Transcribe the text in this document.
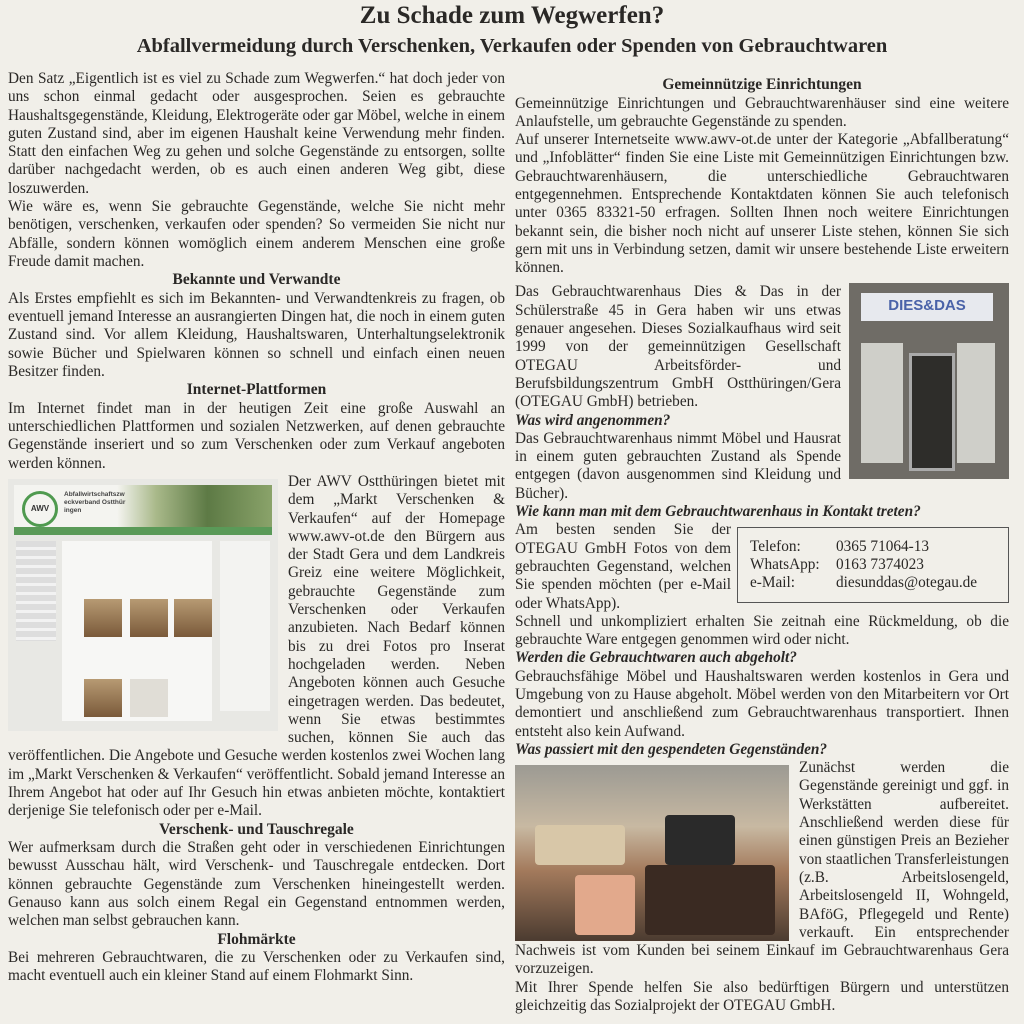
Zu Schade zum Wegwerfen?
Abfallvermeidung durch Verschenken, Verkaufen oder Spenden von Gebrauchtwaren

Den Satz „Eigentlich ist es viel zu Schade zum Wegwerfen.“ hat doch jeder von uns schon einmal gedacht oder ausgesprochen. Seien es gebrauchte Haushaltsgegenstände, Kleidung, Elektrogeräte oder gar Möbel, welche in einem guten Zustand sind, aber im eigenen Haushalt keine Verwendung mehr finden. Statt den einfachen Weg zu gehen und solche Gegenstände zu entsorgen, sollte darüber nachgedacht werden, ob es auch einen anderen Weg gibt, diese loszuwerden.

Wie wäre es, wenn Sie gebrauchte Gegenstände, welche Sie nicht mehr benötigen, verschenken, verkaufen oder spenden? So vermeiden Sie nicht nur Abfälle, sondern können womöglich einem anderem Menschen eine große Freude damit machen.

Bekannte und Verwandte

Als Erstes empfiehlt es sich im Bekannten- und Verwandtenkreis zu fragen, ob eventuell jemand Interesse an ausrangierten Dingen hat, die noch in einem guten Zustand sind. Vor allem Kleidung, Haushaltswaren, Unterhaltungselektronik sowie Bücher und Spielwaren können so schnell und einfach einen neuen Besitzer finden.

Internet-Plattformen

Im Internet findet man in der heutigen Zeit eine große Auswahl an unterschiedlichen Plattformen und sozialen Netzwerken, auf denen gebrauchte Gegenstände inseriert und so zum Verschenken oder zum Verkauf angeboten werden können.

AWV
Abfallwirtschaftszweckverband Ostthüringen

Der AWV Ostthüringen bietet mit dem „Markt Verschenken & Verkaufen“ auf der Homepage www.awv-ot.de den Bürgern aus der Stadt Gera und dem Landkreis Greiz eine weitere Möglichkeit, gebrauchte Gegenstände zum Verschenken oder Verkaufen anzubieten. Nach Bedarf können bis zu drei Fotos pro Inserat hochgeladen werden. Neben Angeboten können auch Gesuche eingetragen werden. Das bedeutet, wenn Sie etwas bestimmtes suchen, können Sie auch das veröffentlichen. Die Angebote und Gesuche werden kostenlos zwei Wochen lang im „Markt Verschenken & Verkaufen“ veröffentlicht. Sobald jemand Interesse an Ihrem Angebot hat oder auf Ihr Gesuch hin etwas anbieten möchte, kontaktiert derjenige Sie telefonisch oder per e-Mail.

Verschenk- und Tauschregale

Wer aufmerksam durch die Straßen geht oder in verschiedenen Einrichtungen bewusst Ausschau hält, wird Verschenk- und Tauschregale entdecken. Dort können gebrauchte Gegenstände zum Verschenken hineingestellt werden. Genauso kann aus solch einem Regal ein Gegenstand entnommen werden, welchen man selbst gebrauchen kann.

Flohmärkte

Bei mehreren Gebrauchtwaren, die zu Verschenken oder zu Verkaufen sind, macht eventuell auch ein kleiner Stand auf einem Flohmarkt Sinn.

Gemeinnützige Einrichtungen

Gemeinnützige Einrichtungen und Gebrauchtwarenhäuser sind eine weitere Anlaufstelle, um gebrauchte Gegenstände zu spenden.

Auf unserer Internetseite www.awv-ot.de unter der Kategorie „Abfallberatung“ und „Infoblätter“ finden Sie eine Liste mit Gemeinnützigen Einrichtungen bzw. Gebrauchtwarenhäusern, die unterschiedliche Gebrauchtwaren entgegennehmen. Entsprechende Kontaktdaten können Sie auch telefonisch unter 0365 83321-50 erfragen. Sollten Ihnen noch weitere Einrichtungen bekannt sein, die bisher noch nicht auf unserer Liste stehen, können Sie sich gern mit uns in Verbindung setzen, damit wir unsere bestehende Liste erweitern können.

DIES&DAS

Das Gebrauchtwarenhaus Dies & Das in der Schülerstraße 45 in Gera haben wir uns etwas genauer angesehen. Dieses Sozialkaufhaus wird seit 1999 von der gemeinnützigen Gesellschaft OTEGAU Arbeitsförder- und Berufsbildungszentrum GmbH Ostthüringen/Gera (OTEGAU GmbH) betrieben.

Was wird angenommen?

Das Gebrauchtwarenhaus nimmt Möbel und Hausrat in einem guten gebrauchten Zustand als Spende entgegen (davon ausgenommen sind Kleidung und Bücher).

Wie kann man mit dem Gebrauchtwarenhaus in Kontakt treten?

Telefon:	0365 71064-13
WhatsApp:	0163 7374023
e-Mail:	diesunddas@otegau.de

Am besten senden Sie der OTEGAU GmbH Fotos von dem gebrauchten Gegenstand, welchen Sie spenden möchten (per e-Mail oder WhatsApp).

Schnell und unkompliziert erhalten Sie zeitnah eine Rückmeldung, ob die gebrauchte Ware entgegen genommen wird oder nicht.

Werden die Gebrauchtwaren auch abgeholt?

Gebrauchsfähige Möbel und Haushaltswaren werden kostenlos in Gera und Umgebung von zu Hause abgeholt. Möbel werden von den Mitarbeitern vor Ort demontiert und anschließend zum Gebrauchtwarenhaus transportiert. Ihnen entsteht also kein Aufwand.

Was passiert mit den gespendeten Gegenständen?

Zunächst werden die Gegenstände gereinigt und ggf. in Werkstätten aufbereitet. Anschließend werden diese für einen günstigen Preis an Bezieher von staatlichen Transferleistungen (z.B. Arbeitslosengeld, Arbeitslosengeld II, Wohngeld, BAföG, Pflegegeld und Rente) verkauft. Ein entsprechender Nachweis ist vom Kunden bei seinem Einkauf im Gebrauchtwarenhaus Gera vorzuzeigen.

Mit Ihrer Spende helfen Sie also bedürftigen Bürgern und unterstützen gleichzeitig das Sozialprojekt der OTEGAU GmbH.
